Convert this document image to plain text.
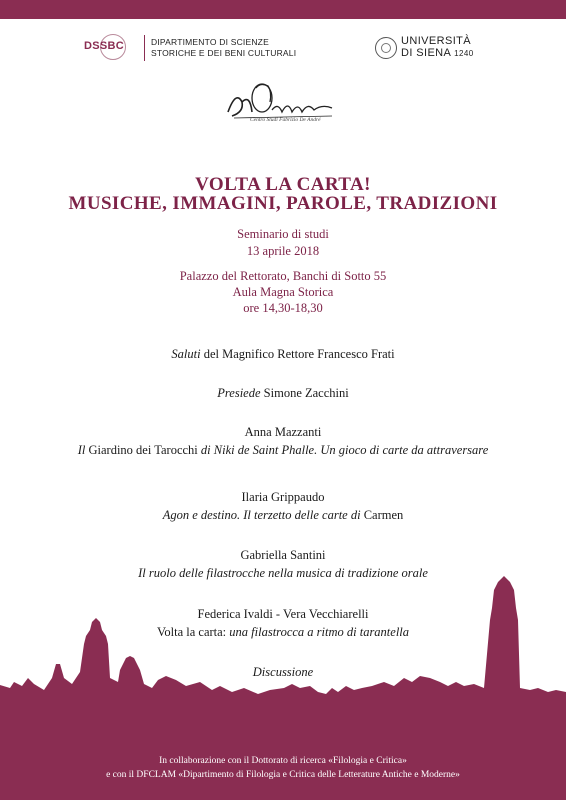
DSSBC	DIPARTIMENTO DI SCIENZE
STORICHE E DEI BENI CULTURALI
UNIVERSITÀ
DI SIENA 1240
Centro Studi Fabrizio De André
VOLTA LA CARTA!
MUSICHE, IMMAGINI, PAROLE, TRADIZIONI
Seminario di studi
13 aprile 2018
Palazzo del Rettorato, Banchi di Sotto 55
Aula Magna Storica
ore 14,30-18,30
Saluti del Magnifico Rettore Francesco Frati
Presiede Simone Zacchini
Anna Mazzanti
Il Giardino dei Tarocchi di Niki de Saint Phalle. Un gioco di carte da attraversare
Ilaria Grippaudo
Agon e destino. Il terzetto delle carte di Carmen
Gabriella Santini
Il ruolo delle filastrocche nella musica di tradizione orale
Federica Ivaldi - Vera Vecchiarelli
Volta la carta: una filastrocca a ritmo di tarantella
Discussione
In collaborazione con il Dottorato di ricerca «Filologia e Critica»
e con il DFCLAM «Dipartimento di Filologia e Critica delle Letterature Antiche e Moderne»
